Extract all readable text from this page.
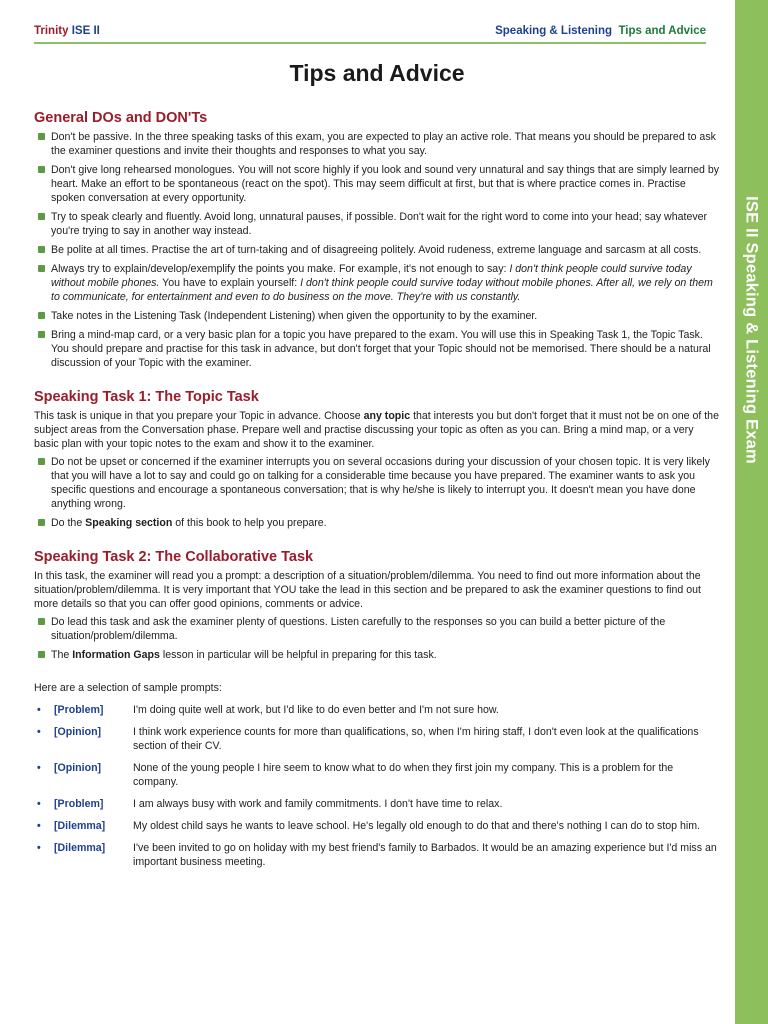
Trinity ISE II	Speaking & Listening Tips and Advice
ISE II Speaking & Listening Exam
Tips and Advice
General DOs and DON'Ts
Don't be passive. In the three speaking tasks of this exam, you are expected to play an active role. That means you should be prepared to ask the examiner questions and invite their thoughts and responses to what you say.
Don't give long rehearsed monologues. You will not score highly if you look and sound very unnatural and say things that are simply learned by heart. Make an effort to be spontaneous (react on the spot). This may seem difficult at first, but that is where practice comes in. Practise spoken conversation at every opportunity.
Try to speak clearly and fluently. Avoid long, unnatural pauses, if possible. Don't wait for the right word to come into your head; say whatever you're trying to say in another way instead.
Be polite at all times. Practise the art of turn-taking and of disagreeing politely. Avoid rudeness, extreme language and sarcasm at all costs.
Always try to explain/develop/exemplify the points you make. For example, it's not enough to say: I don't think people could survive today without mobile phones. You have to explain yourself: I don't think people could survive today without mobile phones. After all, we rely on them to communicate, for entertainment and even to do business on the move. They're with us constantly.
Take notes in the Listening Task (Independent Listening) when given the opportunity to by the examiner.
Bring a mind-map card, or a very basic plan for a topic you have prepared to the exam. You will use this in Speaking Task 1, the Topic Task. You should prepare and practise for this task in advance, but don't forget that your Topic should not be memorised. There should be a natural discussion of your Topic with the examiner.
Speaking Task 1: The Topic Task
This task is unique in that you prepare your Topic in advance. Choose any topic that interests you but don't forget that it must not be on one of the subject areas from the Conversation phase. Prepare well and practise discussing your topic as often as you can. Bring a mind map, or a very basic plan with your topic notes to the exam and show it to the examiner.
Do not be upset or concerned if the examiner interrupts you on several occasions during your discussion of your chosen topic. It is very likely that you will have a lot to say and could go on talking for a considerable time because you have prepared. The examiner wants to ask you specific questions and encourage a spontaneous conversation; that is why he/she is likely to interrupt you. It doesn't mean you have done anything wrong.
Do the Speaking section of this book to help you prepare.
Speaking Task 2: The Collaborative Task
In this task, the examiner will read you a prompt: a description of a situation/problem/dilemma. You need to find out more information about the situation/problem/dilemma. It is very important that YOU take the lead in this section and be prepared to ask the examiner questions to find out more details so that you can offer good opinions, comments or advice.
Do lead this task and ask the examiner plenty of questions. Listen carefully to the responses so you can build a better picture of the situation/problem/dilemma.
The Information Gaps lesson in particular will be helpful in preparing for this task.
Here are a selection of sample prompts:
• [Problem]	I'm doing quite well at work, but I'd like to do even better and I'm not sure how.
• [Opinion]	I think work experience counts for more than qualifications, so, when I'm hiring staff, I don't even look at the qualifications section of their CV.
• [Opinion]	None of the young people I hire seem to know what to do when they first join my company. This is a problem for the company.
• [Problem]	I am always busy with work and family commitments. I don't have time to relax.
• [Dilemma]	My oldest child says he wants to leave school. He's legally old enough to do that and there's nothing I can do to stop him.
• [Dilemma]	I've been invited to go on holiday with my best friend's family to Barbados. It would be an amazing experience but I'd miss an important business meeting.
